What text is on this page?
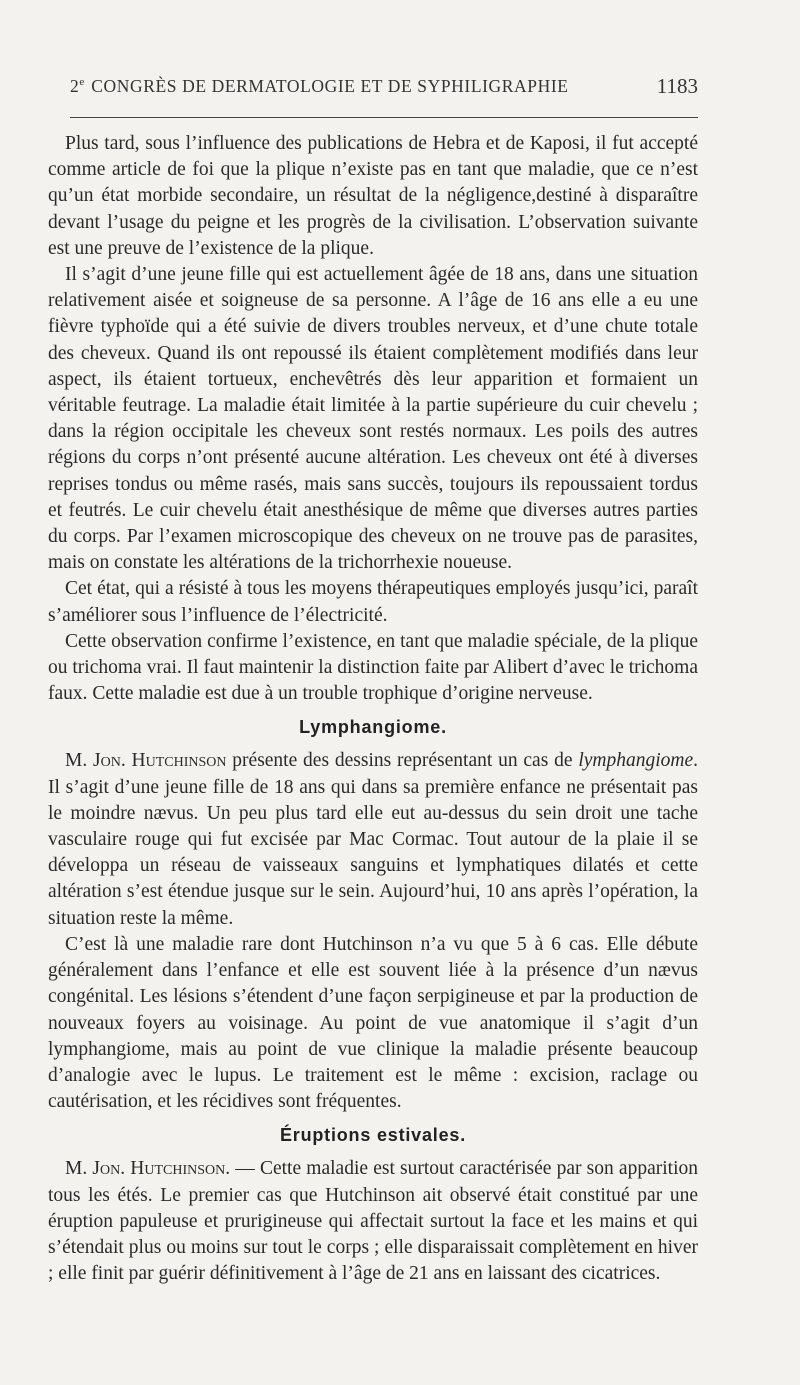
2e CONGRÈS DE DERMATOLOGIE ET DE SYPHILIGRAPHIE	1183

Plus tard, sous l’influence des publications de Hebra et de Kaposi, il fut accepté comme article de foi que la plique n’existe pas en tant que maladie, que ce n’est qu’un état morbide secondaire, un résultat de la négligence,destiné à disparaître devant l’usage du peigne et les progrès de la civilisation. L’observation suivante est une preuve de l’existence de la plique.

Il s’agit d’une jeune fille qui est actuellement âgée de 18 ans, dans une situation relativement aisée et soigneuse de sa personne. A l’âge de 16 ans elle a eu une fièvre typhoïde qui a été suivie de divers troubles nerveux, et d’une chute totale des cheveux. Quand ils ont repoussé ils étaient complètement modifiés dans leur aspect, ils étaient tortueux, enchevêtrés dès leur apparition et formaient un véritable feutrage. La maladie était limitée à la partie supérieure du cuir chevelu ; dans la région occipitale les cheveux sont restés normaux. Les poils des autres régions du corps n’ont présenté aucune altération. Les cheveux ont été à diverses reprises tondus ou même rasés, mais sans succès, toujours ils repoussaient tordus et feutrés. Le cuir chevelu était anesthésique de même que diverses autres parties du corps. Par l’examen microscopique des cheveux on ne trouve pas de parasites, mais on constate les altérations de la trichorrhexie noueuse.

Cet état, qui a résisté à tous les moyens thérapeutiques employés jusqu’ici, paraît s’améliorer sous l’influence de l’électricité.

Cette observation confirme l’existence, en tant que maladie spéciale, de la plique ou trichoma vrai. Il faut maintenir la distinction faite par Alibert d’avec le trichoma faux. Cette maladie est due à un trouble trophique d’origine nerveuse.

Lymphangiome.

M. Jon. Hutchinson présente des dessins représentant un cas de lymphangiome. Il s’agit d’une jeune fille de 18 ans qui dans sa première enfance ne présentait pas le moindre nævus. Un peu plus tard elle eut au-dessus du sein droit une tache vasculaire rouge qui fut excisée par Mac Cormac. Tout autour de la plaie il se développa un réseau de vaisseaux sanguins et lymphatiques dilatés et cette altération s’est étendue jusque sur le sein. Aujourd’hui, 10 ans après l’opération, la situation reste la même.

C’est là une maladie rare dont Hutchinson n’a vu que 5 à 6 cas. Elle débute généralement dans l’enfance et elle est souvent liée à la présence d’un nævus congénital. Les lésions s’étendent d’une façon serpigineuse et par la production de nouveaux foyers au voisinage. Au point de vue anatomique il s’agit d’un lymphangiome, mais au point de vue clinique la maladie présente beaucoup d’analogie avec le lupus. Le traitement est le même : excision, raclage ou cautérisation, et les récidives sont fréquentes.

Éruptions estivales.

M. Jon. Hutchinson. — Cette maladie est surtout caractérisée par son apparition tous les étés. Le premier cas que Hutchinson ait observé était constitué par une éruption papuleuse et prurigineuse qui affectait surtout la face et les mains et qui s’étendait plus ou moins sur tout le corps ; elle disparaissait complètement en hiver ; elle finit par guérir définitivement à l’âge de 21 ans en laissant des cicatrices.
